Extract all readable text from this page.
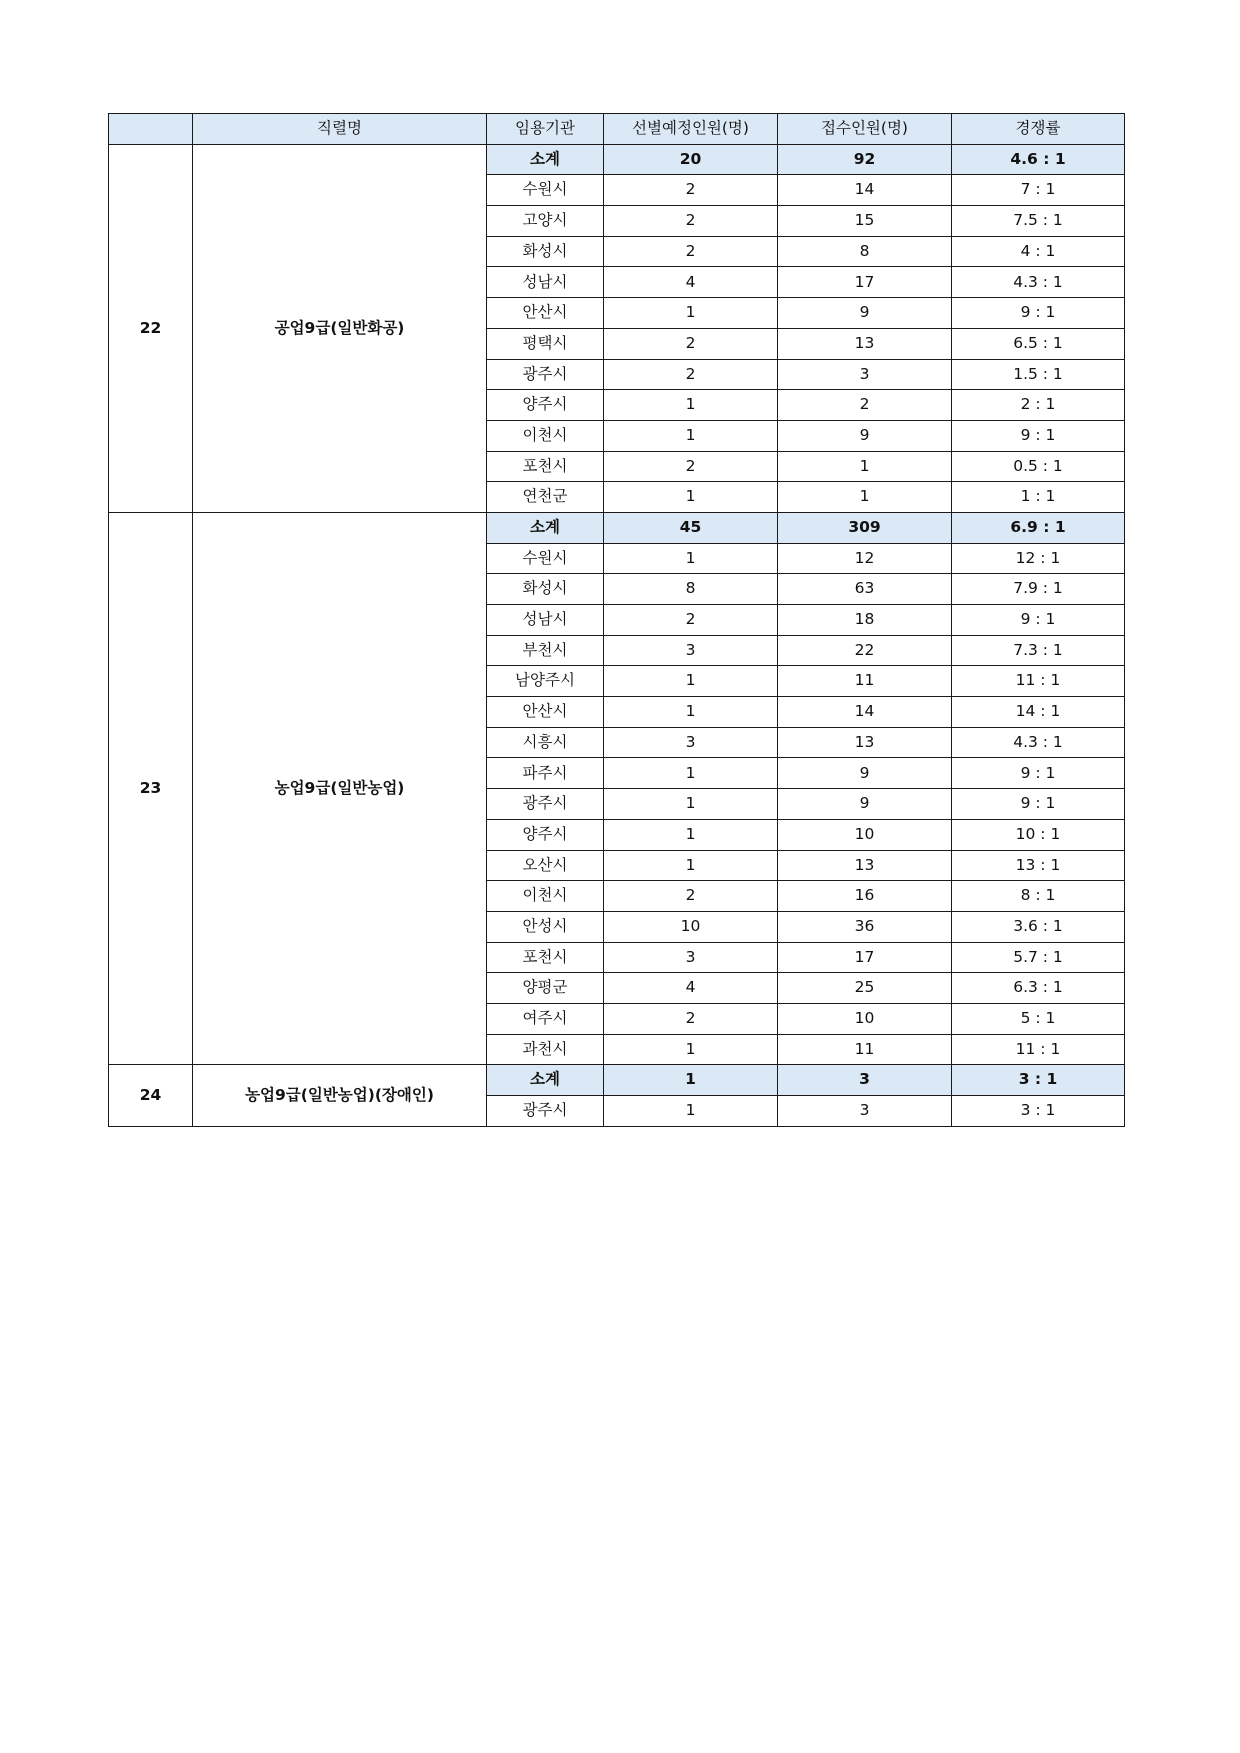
	직렬명	임용기관	선별예정인원(명)	접수인원(명)	경쟁률
22	공업9급(일반화공)	소계	20	92	4.6 : 1
		수원시	2	14	7 : 1
		고양시	2	15	7.5 : 1
		화성시	2	8	4 : 1
		성남시	4	17	4.3 : 1
		안산시	1	9	9 : 1
		평택시	2	13	6.5 : 1
		광주시	2	3	1.5 : 1
		양주시	1	2	2 : 1
		이천시	1	9	9 : 1
		포천시	2	1	0.5 : 1
		연천군	1	1	1 : 1
23	농업9급(일반농업)	소계	45	309	6.9 : 1
		수원시	1	12	12 : 1
		화성시	8	63	7.9 : 1
		성남시	2	18	9 : 1
		부천시	3	22	7.3 : 1
		남양주시	1	11	11 : 1
		안산시	1	14	14 : 1
		시흥시	3	13	4.3 : 1
		파주시	1	9	9 : 1
		광주시	1	9	9 : 1
		양주시	1	10	10 : 1
		오산시	1	13	13 : 1
		이천시	2	16	8 : 1
		안성시	10	36	3.6 : 1
		포천시	3	17	5.7 : 1
		양평군	4	25	6.3 : 1
		여주시	2	10	5 : 1
		과천시	1	11	11 : 1
24	농업9급(일반농업)(장애인)	소계	1	3	3 : 1
		광주시	1	3	3 : 1
